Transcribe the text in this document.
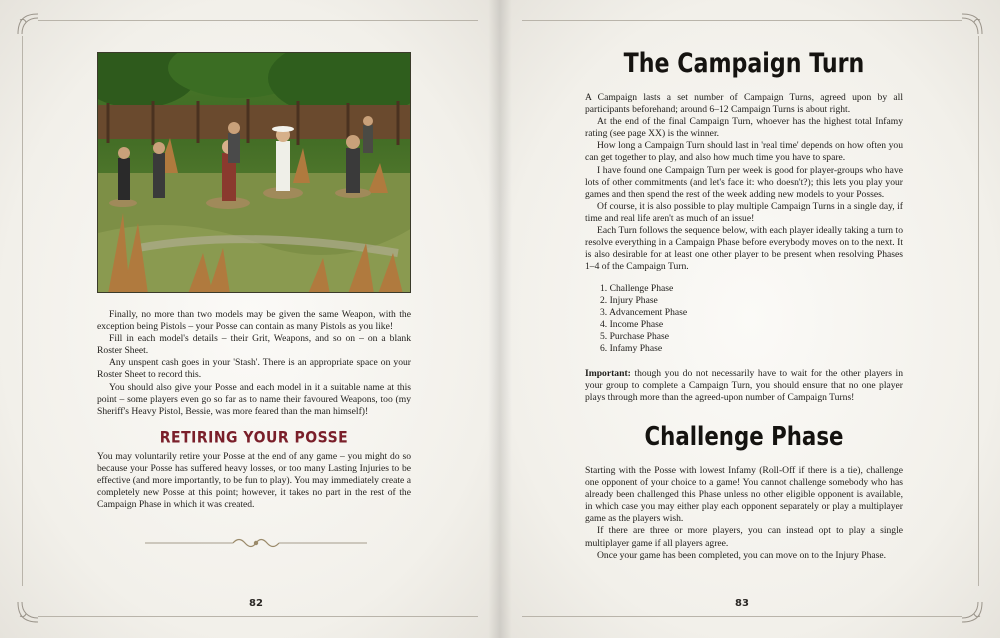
Finally, no more than two models may be given the same Weapon, with the exception being Pistols – your Posse can contain as many Pistols as you like!

Fill in each model's details – their Grit, Weapons, and so on – on a blank Roster Sheet.

Any unspent cash goes in your 'Stash'. There is an appropriate space on your Roster Sheet to record this.

You should also give your Posse and each model in it a suitable name at this point – some players even go so far as to name their favoured Weapons, too (my Sheriff's Heavy Pistol, Bessie, was more feared than the man himself)!

RETIRING YOUR POSSE

You may voluntarily retire your Posse at the end of any game – you might do so because your Posse has suffered heavy losses, or too many Lasting Injuries to be effective (and more importantly, to be fun to play). You may immediately create a completely new Posse at this point; however, it takes no part in the rest of the Campaign Phase in which it was created.

82
The Campaign Turn

A Campaign lasts a set number of Campaign Turns, agreed upon by all participants beforehand; around 6–12 Campaign Turns is about right.

At the end of the final Campaign Turn, whoever has the highest total Infamy rating (see page XX) is the winner.

How long a Campaign Turn should last in 'real time' depends on how often you can get together to play, and also how much time you have to spare.

I have found one Campaign Turn per week is good for player-groups who have lots of other commitments (and let's face it: who doesn't?); this lets you play your games and then spend the rest of the week adding new models to your Posses.

Of course, it is also possible to play multiple Campaign Turns in a single day, if time and real life aren't as much of an issue!

Each Turn follows the sequence below, with each player ideally taking a turn to resolve everything in a Campaign Phase before everybody moves on to the next. It is also desirable for at least one other player to be present when resolving Phases 1–4 of the Campaign Turn.

1. Challenge Phase
2. Injury Phase
3. Advancement Phase
4. Income Phase
5. Purchase Phase
6. Infamy Phase

Important: though you do not necessarily have to wait for the other players in your group to complete a Campaign Turn, you should ensure that no one player plays through more than the agreed-upon number of Campaign Turns!

Challenge Phase

Starting with the Posse with lowest Infamy (Roll-Off if there is a tie), challenge one opponent of your choice to a game! You cannot challenge somebody who has already been challenged this Phase unless no other eligible opponent is available, in which case you may either play each opponent separately or play a multiplayer game as the players wish.

If there are three or more players, you can instead opt to play a single multiplayer game if all players agree.

Once your game has been completed, you can move on to the Injury Phase.

83
